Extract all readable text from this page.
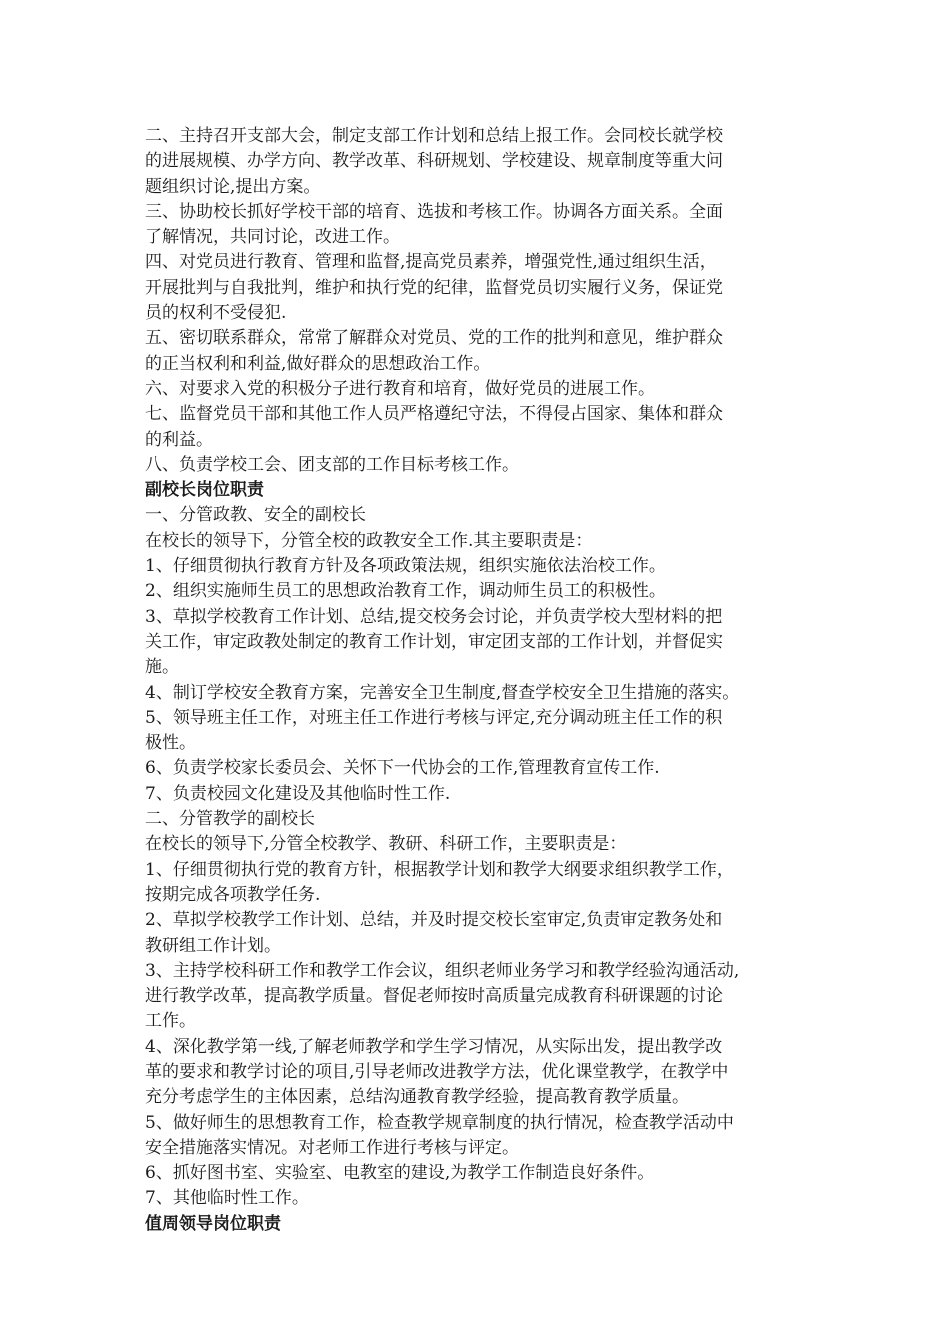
二、主持召开支部大会，制定支部工作计划和总结上报工作。会同校长就学校
的进展规模、办学方向、教学改革、科研规划、学校建设、规章制度等重大问
题组织讨论,提出方案。
三、协助校长抓好学校干部的培育、选拔和考核工作。协调各方面关系。全面
了解情况，共同讨论，改进工作。
四、对党员进行教育、管理和监督,提高党员素养，增强党性,通过组织生活，
开展批判与自我批判，维护和执行党的纪律，监督党员切实履行义务，保证党
员的权利不受侵犯.
五、密切联系群众，常常了解群众对党员、党的工作的批判和意见，维护群众
的正当权利和利益,做好群众的思想政治工作。
六、对要求入党的积极分子进行教育和培育，做好党员的进展工作。
七、监督党员干部和其他工作人员严格遵纪守法，不得侵占国家、集体和群众
的利益。
八、负责学校工会、团支部的工作目标考核工作。
副校长岗位职责
一、分管政教、安全的副校长
在校长的领导下，分管全校的政教安全工作.其主要职责是：
1、仔细贯彻执行教育方针及各项政策法规，组织实施依法治校工作。
2、组织实施师生员工的思想政治教育工作，调动师生员工的积极性。
3、草拟学校教育工作计划、总结,提交校务会讨论，并负责学校大型材料的把
关工作，审定政教处制定的教育工作计划，审定团支部的工作计划，并督促实
施。
4、制订学校安全教育方案，完善安全卫生制度,督查学校安全卫生措施的落实。
5、领导班主任工作，对班主任工作进行考核与评定,充分调动班主任工作的积
极性。
6、负责学校家长委员会、关怀下一代协会的工作,管理教育宣传工作.
7、负责校园文化建设及其他临时性工作.
二、分管教学的副校长
在校长的领导下,分管全校教学、教研、科研工作，主要职责是：
1、仔细贯彻执行党的教育方针，根据教学计划和教学大纲要求组织教学工作，
按期完成各项教学任务.
2、草拟学校教学工作计划、总结，并及时提交校长室审定,负责审定教务处和
教研组工作计划。
3、主持学校科研工作和教学工作会议，组织老师业务学习和教学经验沟通活动,
进行教学改革，提高教学质量。督促老师按时高质量完成教育科研课题的讨论
工作。
4、深化教学第一线,了解老师教学和学生学习情况，从实际出发，提出教学改
革的要求和教学讨论的项目,引导老师改进教学方法，优化课堂教学，在教学中
充分考虑学生的主体因素，总结沟通教育教学经验，提高教育教学质量。
5、做好师生的思想教育工作，检查教学规章制度的执行情况，检查教学活动中
安全措施落实情况。对老师工作进行考核与评定。
6、抓好图书室、实验室、电教室的建设,为教学工作制造良好条件。
7、其他临时性工作。
值周领导岗位职责
